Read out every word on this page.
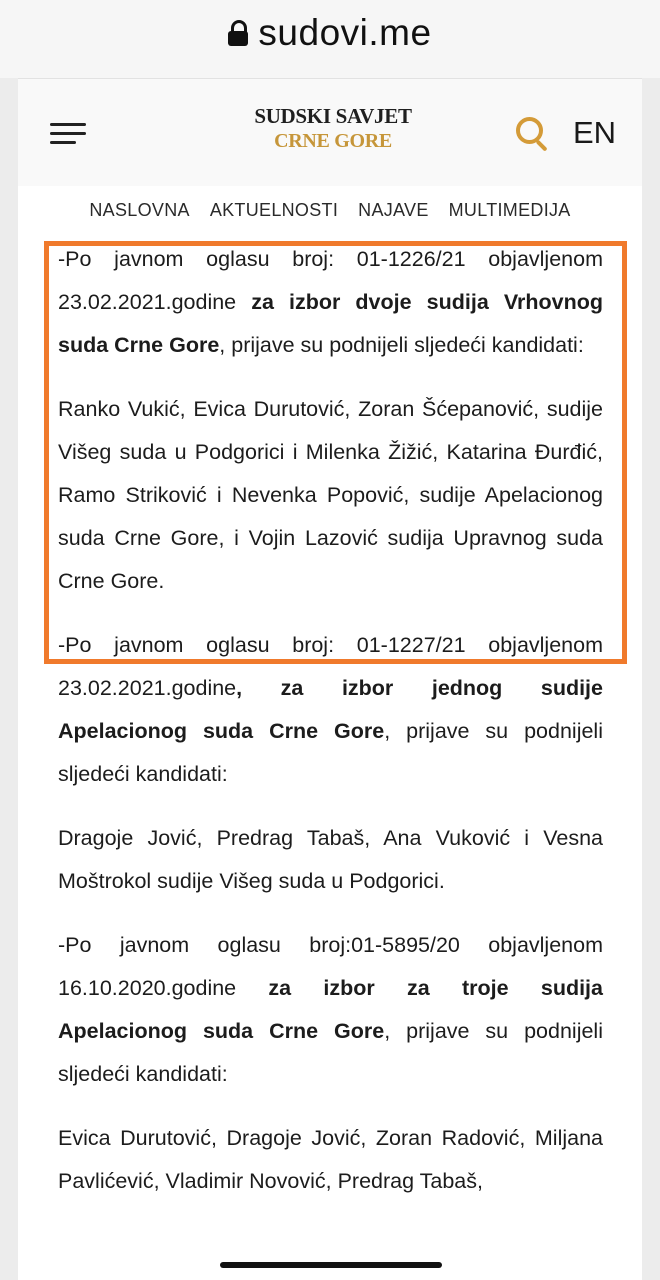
sudovi.me
SUDSKI SAVJET
CRNE GORE	EN
NASLOVNA AKTUELNOSTI NAJAVE MULTIMEDIJA

-Po javnom oglasu broj: 01-1226/21 objavljenom 23.02.2021.godine za izbor dvoje sudija Vrhovnog suda Crne Gore, prijave su podnijeli sljedeći kandidati:

Ranko Vukić, Evica Durutović, Zoran Šćepanović, sudije Višeg suda u Podgorici i Milenka Žižić, Katarina Đurđić, Ramo Striković i Nevenka Popović, sudije Apelacionog suda Crne Gore, i Vojin Lazović sudija Upravnog suda Crne Gore.

-Po javnom oglasu broj: 01-1227/21 objavljenom 23.02.2021.godine, za izbor jednog sudije Apelacionog suda Crne Gore, prijave su podnijeli sljedeći kandidati:

Dragoje Jović, Predrag Tabaš, Ana Vuković i Vesna Moštrokol sudije Višeg suda u Podgorici.

-Po javnom oglasu broj:01-5895/20 objavljenom 16.10.2020.godine za izbor za troje sudija Apelacionog suda Crne Gore, prijave su podnijeli sljedeći kandidati:

Evica Durutović, Dragoje Jović, Zoran Radović, Miljana Pavlićević, Vladimir Novović, Predrag Tabaš,
